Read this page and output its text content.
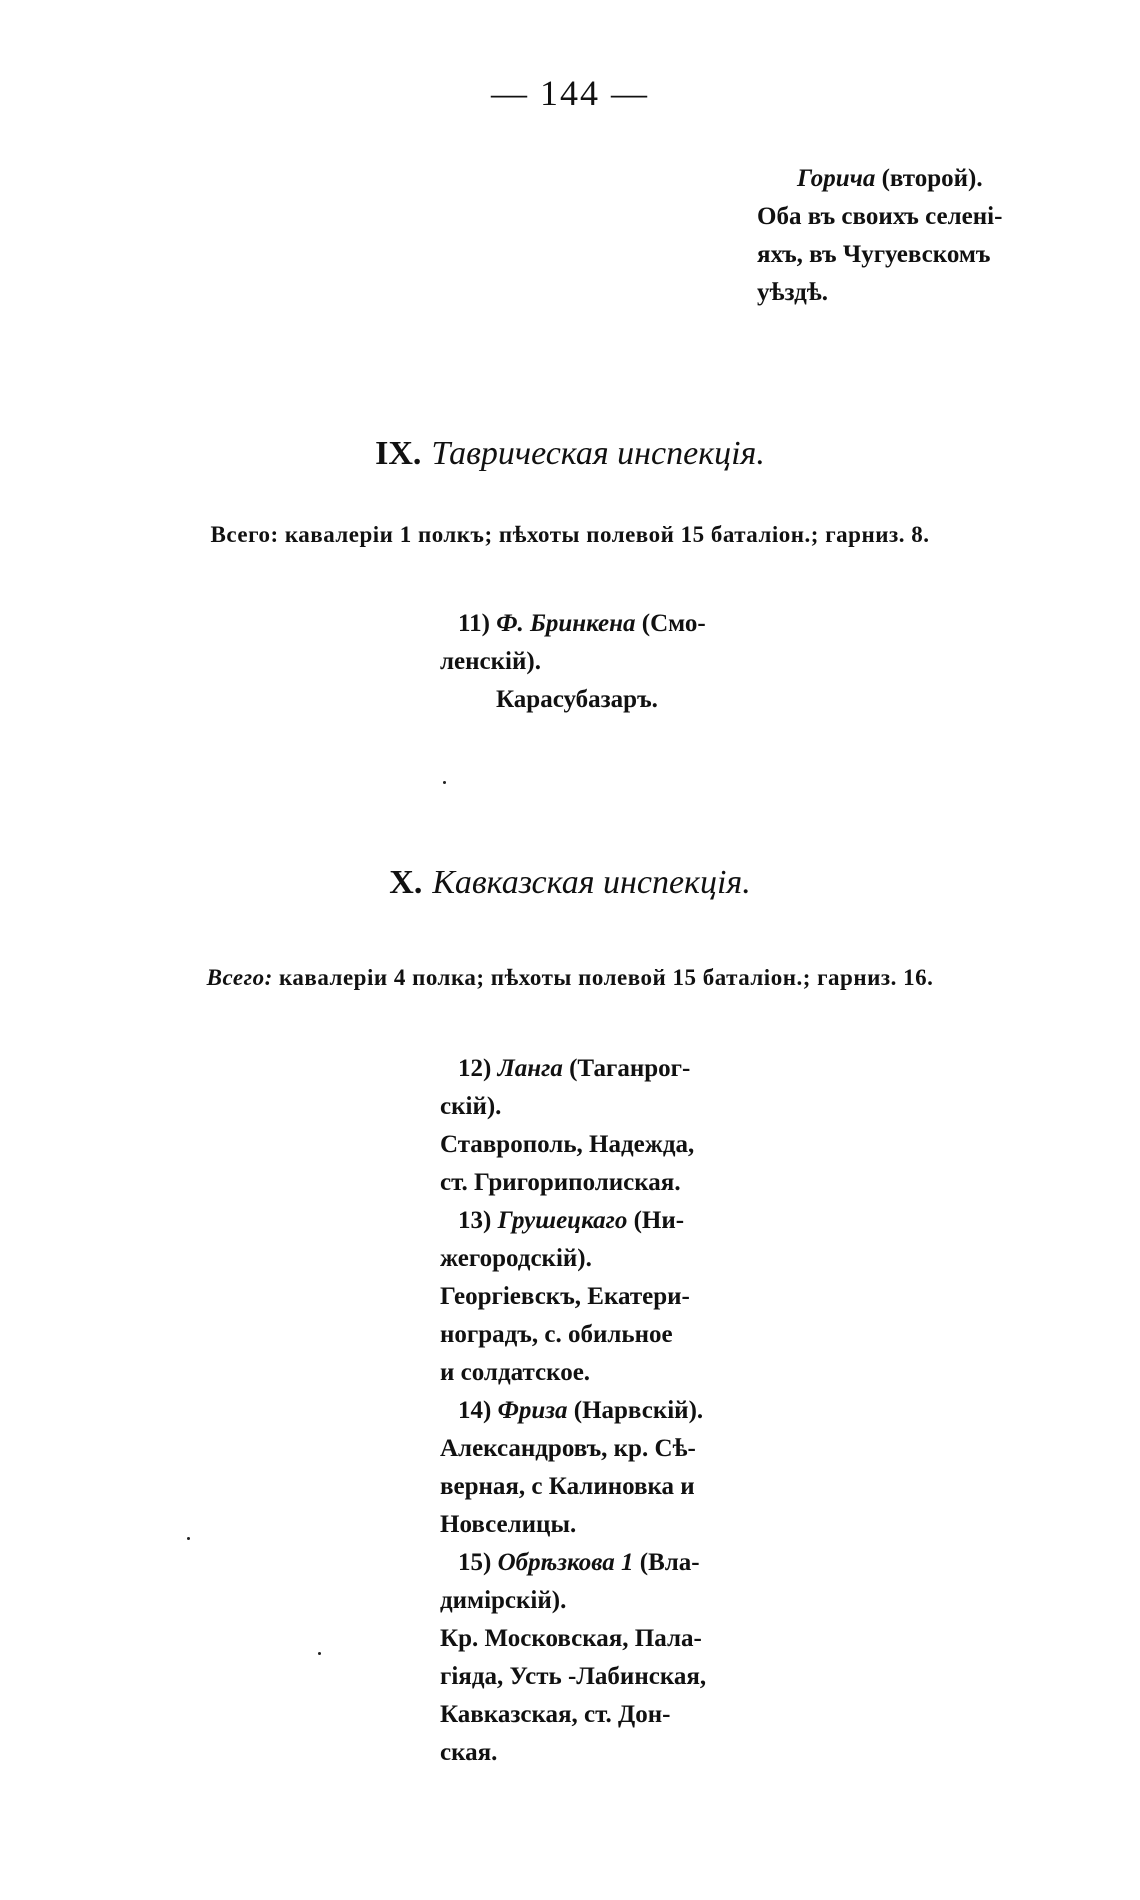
— 144 —
Горича (второй).
Оба въ своихъ селені-
яхъ, въ Чугуевскомъ
уѣздѣ.
IX. Таврическая инспекція.
Всего: кавалеріи 1 полкъ; пѣхоты полевой 15 баталіон.; гарниз. 8.

11) Ф. Бринкена (Смо-

ленскій).

Карасубазаръ.

X. Кавказская инспекція.
Всего: кавалеріи 4 полка; пѣхоты полевой 15 баталіон.; гарниз. 16.

12) Ланга (Таганрог-

скій).

Ставрополь, Надежда,

ст. Григориполиская.

13) Грушецкаго (Ни-

жегородскій).

Георгіевскъ, Екатери-

ноградъ, с. обильное

и солдатское.

14) Фриза (Нарвскій).

Александровъ, кр. Сѣ-

верная, с Калиновка и

Новселицы.

15) Обрѣзкова 1 (Вла-

димірскій).

Кр. Московская, Пала-

гіяда, Усть -Лабинская,

Кавказская, ст. Дон-

ская.
